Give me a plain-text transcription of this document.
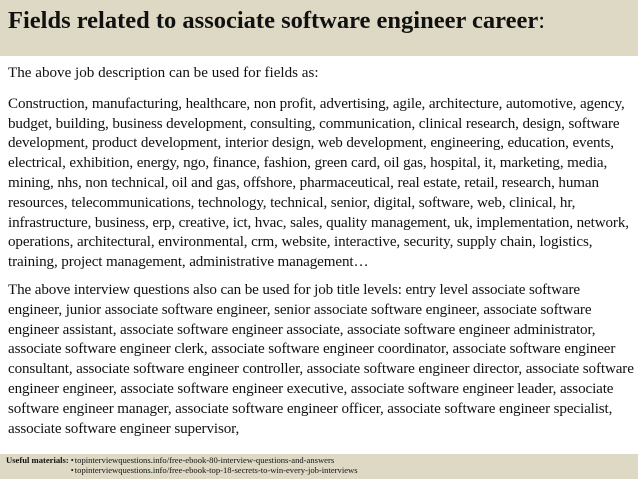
Fields related to associate software engineer career:

The above job description can be used for fields as:

Construction, manufacturing, healthcare, non profit, advertising, agile, architecture, automotive, agency, budget, building, business development, consulting, communication, clinical research, design, software development, product development, interior design, web development, engineering, education, events, electrical, exhibition, energy, ngo, finance, fashion, green card, oil gas, hospital, it, marketing, media, mining, nhs, non technical, oil and gas, offshore, pharmaceutical, real estate, retail, research, human resources, telecommunications, technology, technical, senior, digital, software, web, clinical, hr, infrastructure, business, erp, creative, ict, hvac, sales, quality management, uk, implementation, network, operations, architectural, environmental, crm, website, interactive, security, supply chain, logistics, training, project management, administrative management…

The above interview questions also can be used for job title levels: entry level associate software engineer, junior associate software engineer, senior associate software engineer, associate software engineer assistant, associate software engineer associate, associate software engineer administrator, associate software engineer clerk, associate software engineer coordinator, associate software engineer consultant, associate software engineer controller, associate software engineer director, associate software engineer engineer, associate software engineer executive, associate software engineer leader, associate software engineer manager, associate software engineer officer, associate software engineer specialist, associate software engineer supervisor,

Useful materials:
• topinterviewquestions.info/free-ebook-80-interview-questions-and-answers
• topinterviewquestions.info/free-ebook-top-18-secrets-to-win-every-job-interviews
